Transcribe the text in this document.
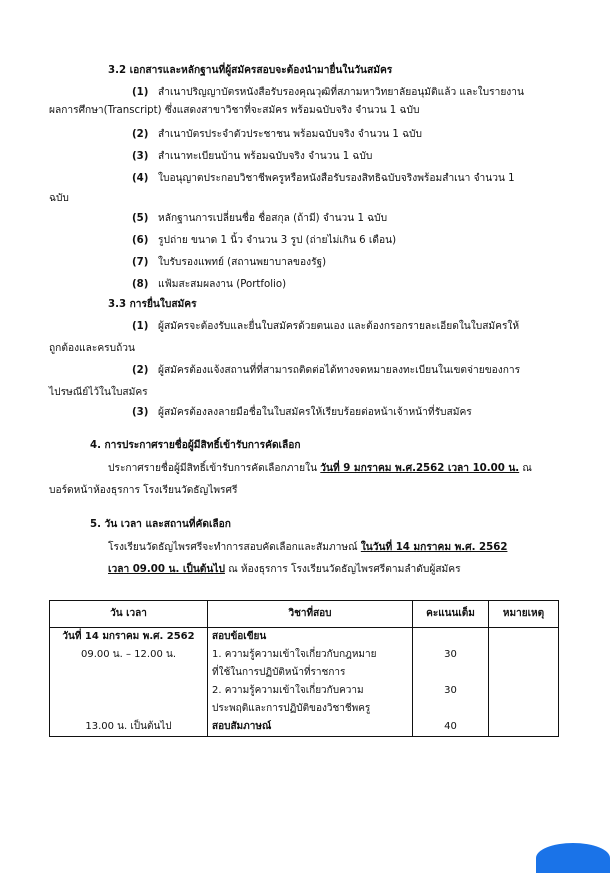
3.2 เอกสารและหลักฐานที่ผู้สมัครสอบจะต้องนำมายื่นในวันสมัคร
(1) สำเนาปริญญาบัตรหนังสือรับรองคุณวุฒิที่สภามหาวิทยาลัยอนุมัติแล้ว และใบรายงาน
ผลการศึกษา(Transcript) ซึ่งแสดงสาขาวิชาที่จะสมัคร พร้อมฉบับจริง จำนวน 1 ฉบับ
(2) สำเนาบัตรประจำตัวประชาชน พร้อมฉบับจริง จำนวน 1 ฉบับ
(3) สำเนาทะเบียนบ้าน พร้อมฉบับจริง จำนวน 1 ฉบับ
(4) ใบอนุญาตประกอบวิชาชีพครูหรือหนังสือรับรองสิทธิฉบับจริงพร้อมสำเนา จำนวน 1
ฉบับ
(5) หลักฐานการเปลี่ยนชื่อ ชื่อสกุล (ถ้ามี) จำนวน 1 ฉบับ
(6) รูปถ่าย ขนาด 1 นิ้ว จำนวน 3 รูป (ถ่ายไม่เกิน 6 เดือน)
(7) ใบรับรองแพทย์ (สถานพยาบาลของรัฐ)
(8) แฟ้มสะสมผลงาน (Portfolio)
3.3 การยื่นใบสมัคร
(1) ผู้สมัครจะต้องรับและยื่นใบสมัครด้วยตนเอง และต้องกรอกรายละเอียดในใบสมัครให้
ถูกต้องและครบถ้วน
(2) ผู้สมัครต้องแจ้งสถานที่ที่สามารถติดต่อได้ทางจดหมายลงทะเบียนในเขตจ่ายของการ
ไปรษณีย์ไว้ในใบสมัคร
(3) ผู้สมัครต้องลงลายมือชื่อในใบสมัครให้เรียบร้อยต่อหน้าเจ้าหน้าที่รับสมัคร
4. การประกาศรายชื่อผู้มีสิทธิ์เข้ารับการคัดเลือก
ประกาศรายชื่อผู้มีสิทธิ์เข้ารับการคัดเลือกภายใน วันที่ 9 มกราคม พ.ศ.2562 เวลา 10.00 น. ณ
บอร์ดหน้าห้องธุรการ โรงเรียนวัดธัญไพรศรี
5. วัน เวลา และสถานที่คัดเลือก
โรงเรียนวัดธัญไพรศรีจะทำการสอบคัดเลือกและสัมภาษณ์ ในวันที่ 14 มกราคม พ.ศ. 2562
เวลา 09.00 น. เป็นต้นไป ณ ห้องธุรการ โรงเรียนวัดธัญไพรศรีตามลำดับผู้สมัคร
วัน เวลา	วิชาที่สอบ	คะแนนเต็ม	หมายเหตุ
วันที่ 14 มกราคม พ.ศ. 2562	สอบข้อเขียน		
09.00 น. – 12.00 น.	1. ความรู้ความเข้าใจเกี่ยวกับกฎหมาย	30	
	ที่ใช้ในการปฏิบัติหน้าที่ราชการ		
	2. ความรู้ความเข้าใจเกี่ยวกับความ	30	
	ประพฤติและการปฏิบัติของวิชาชีพครู		
13.00 น. เป็นต้นไป	สอบสัมภาษณ์	40	
